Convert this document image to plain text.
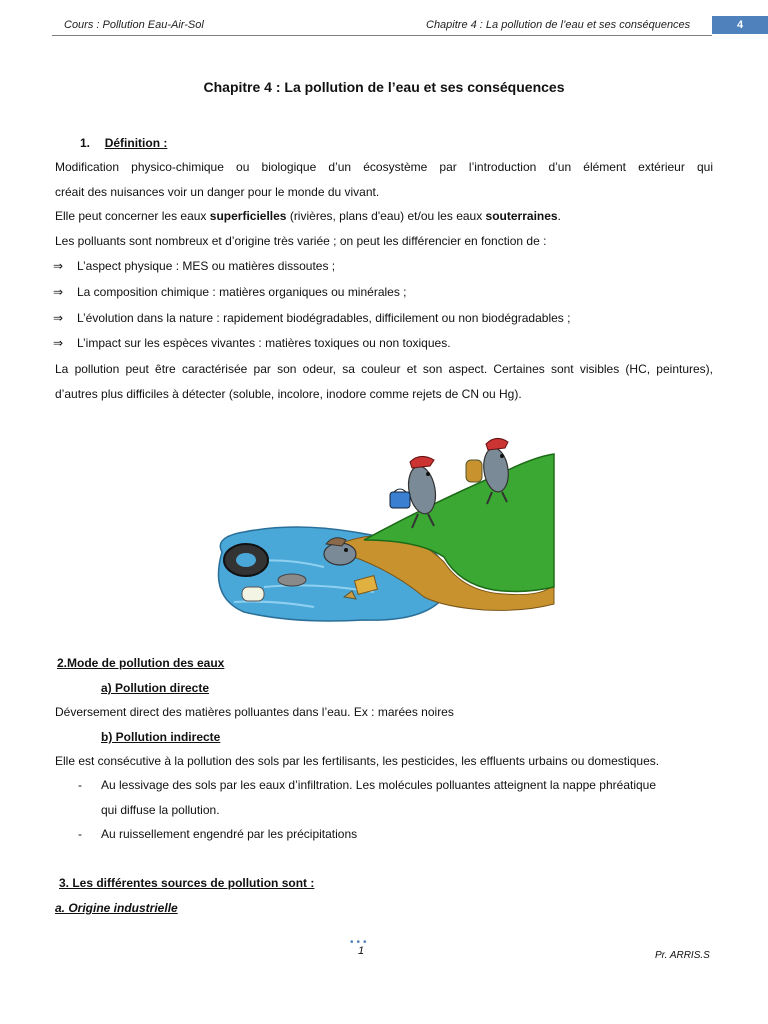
Cours : Pollution Eau-Air-Sol	Chapitre 4 : La pollution de l’eau et ses conséquences	4
Chapitre 4 : La pollution de l’eau et ses conséquences
1. Définition :
Modification physico-chimique ou biologique d’un écosystème par l’introduction d’un élément extérieur qui
créait des nuisances voir un danger pour le monde du vivant.
Elle peut concerner les eaux superficielles (rivières, plans d'eau) et/ou les eaux souterraines.
Les polluants sont nombreux et d’origine très variée ; on peut les différencier en fonction de :
⇒ L’aspect physique : MES ou matières dissoutes ;
⇒ La composition chimique : matières organiques ou minérales ;
⇒ L’évolution dans la nature : rapidement biodégradables, difficilement ou non biodégradables ;
⇒ L’impact sur les espèces vivantes : matières toxiques ou non toxiques.
La pollution peut être caractérisée par son odeur, sa couleur et son aspect. Certaines sont visibles (HC, peintures),
d’autres plus difficiles à détecter (soluble, incolore, inodore comme rejets de CN ou Hg).
2.Mode de pollution des eaux
a) Pollution directe
Déversement direct des matières polluantes dans l’eau. Ex : marées noires
b) Pollution indirecte
Elle est consécutive à la pollution des sols par les fertilisants, les pesticides, les effluents urbains ou domestiques.
- Au lessivage des sols par les eaux d’infiltration. Les molécules polluantes atteignent la nappe phréatique
qui diffuse la pollution.
- Au ruissellement engendré par les précipitations
3. Les différentes sources de pollution sont :
a. Origine industrielle
•••
1	Pr. ARRIS.S
